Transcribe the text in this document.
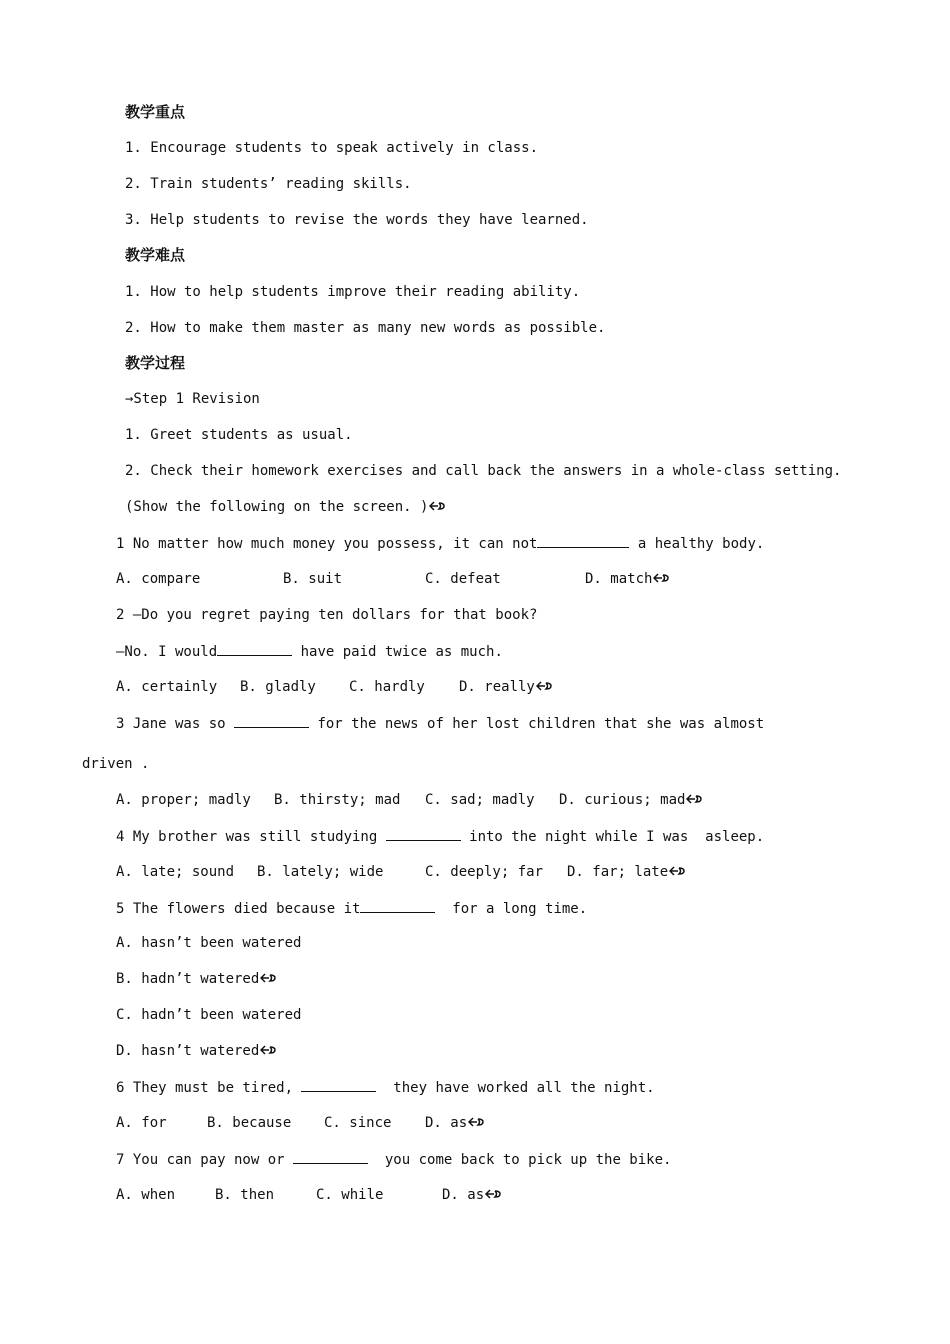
教学重点
1. Encourage students to speak actively in class.
2. Train students’ reading skills.
3. Help students to revise the words they have learned.
教学难点
1. How to help students improve their reading ability.
2. How to make them master as many new words as possible.
教学过程
→Step 1 Revision
1. Greet students as usual.
2. Check their homework exercises and call back the answers in a whole-class setting.
(Show the following on the screen. )
1 No matter how much money you possess, it can not	a healthy body.
A. compare	B. suit	C. defeat	D. match
2 —Do you regret paying ten dollars for that book?
—No. I would	have paid twice as much.
A. certainly B. gladly C. hardly D. really
3 Jane was so	for the news of her lost children that she was almost
driven .
A. proper; madly B. thirsty; mad C. sad; madly D. curious; mad
4 My brother was still studying	into the night while I was  asleep.
A. late; sound B. lately; wide	C. deeply; far D. far; late
5 The flowers died because it	for a long time.
A. hasn’t been watered
B. hadn’t watered
C. hadn’t been watered
D. hasn’t watered
6 They must be tired,	they have worked all the night.
A. for	B. because C. since D. as
7 You can pay now or	you come back to pick up the bike.
A. when	B. then	C. while	D. as
